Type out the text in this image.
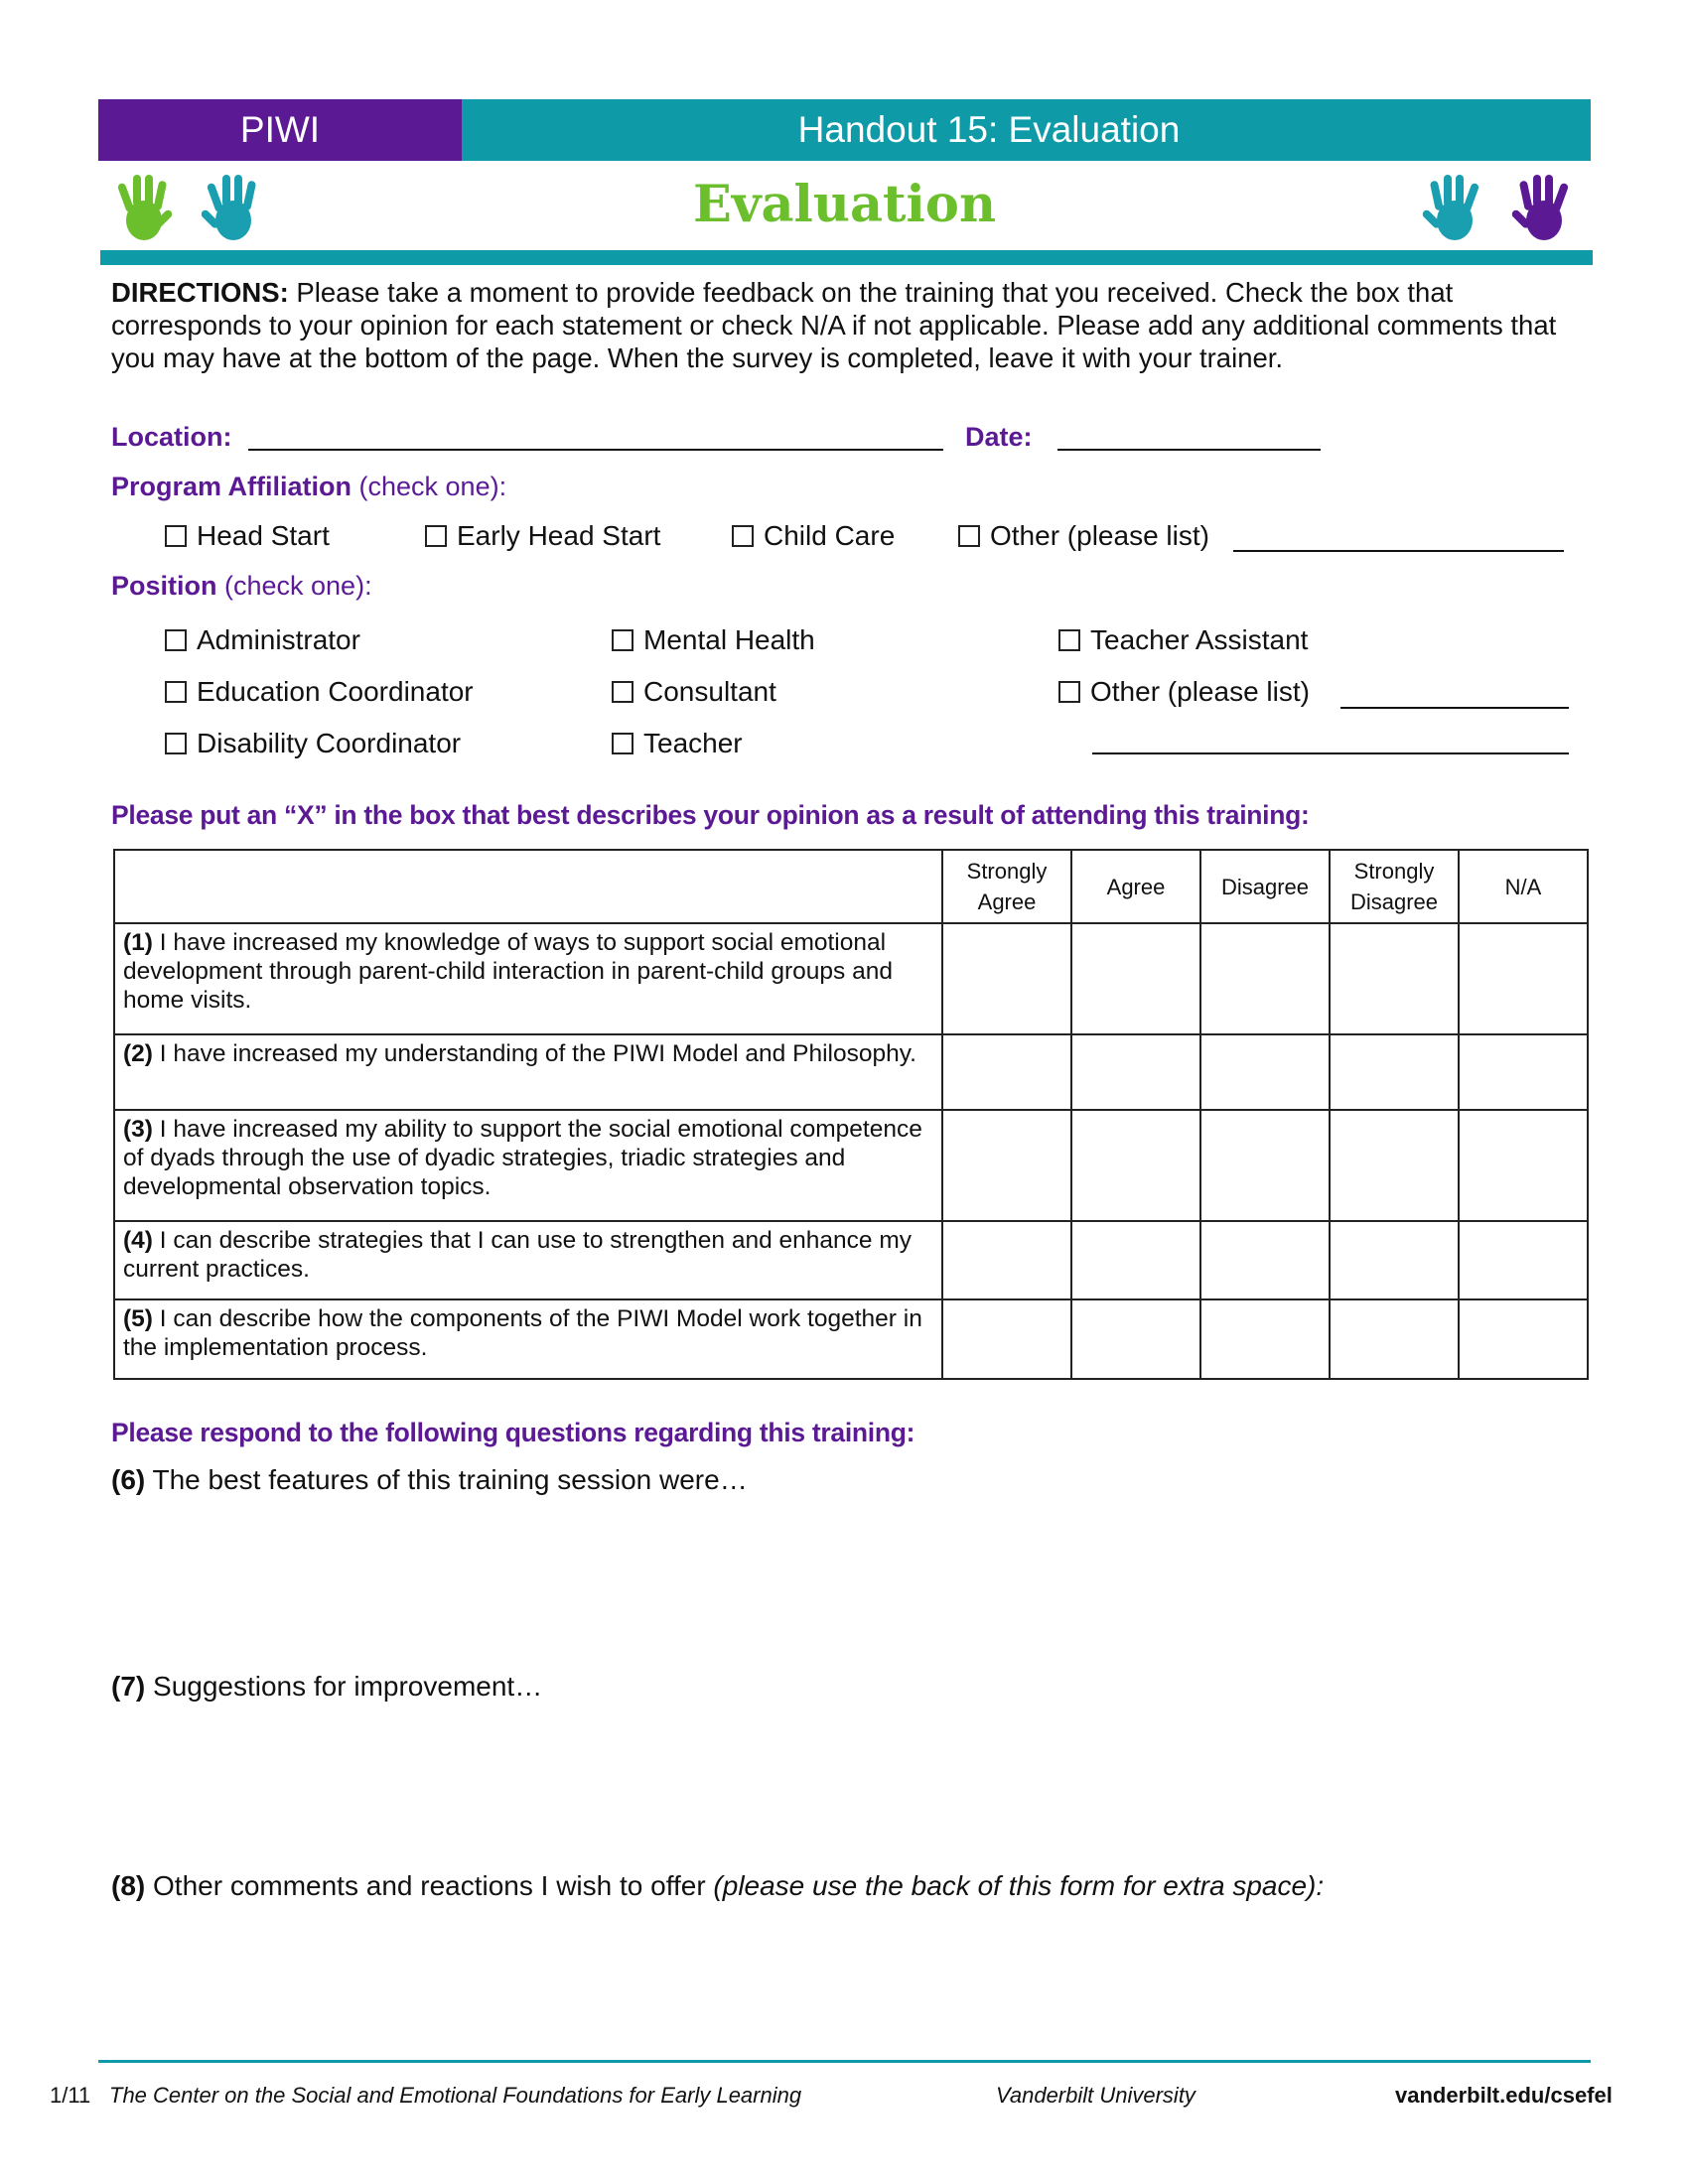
PIWI	Handout 15: Evaluation
Evaluation
DIRECTIONS: Please take a moment to provide feedback on the training that you received. Check the box that corresponds to your opinion for each statement or check N/A if not applicable. Please add any additional comments that you may have at the bottom of the page. When the survey is completed, leave it with your trainer.
Location:	Date:
Program Affiliation (check one):
Head Start	Early Head Start	Child Care	Other (please list)
Position (check one):
Administrator
Education Coordinator
Disability Coordinator
Mental Health
Consultant
Teacher
Teacher Assistant
Other (please list)
Please put an “X” in the box that best describes your opinion as a result of attending this training:
	Strongly Agree	Agree	Disagree	Strongly Disagree	N/A
(1) I have increased my knowledge of ways to support social emotional development through parent-child interaction in parent-child groups and home visits.					
(2) I have increased my understanding of the PIWI Model and Philosophy.					
(3) I have increased my ability to support the social emotional competence of dyads through the use of dyadic strategies, triadic strategies and developmental observation topics.					
(4) I can describe strategies that I can use to strengthen and enhance my current practices.					
(5) I can describe how the components of the PIWI Model work together in the implementation process.					
Please respond to the following questions regarding this training:
(6) The best features of this training session were…
(7) Suggestions for improvement…
(8) Other comments and reactions I wish to offer (please use the back of this form for extra space):
1/11 The Center on the Social and Emotional Foundations for Early Learning	Vanderbilt University	vanderbilt.edu/csefel
